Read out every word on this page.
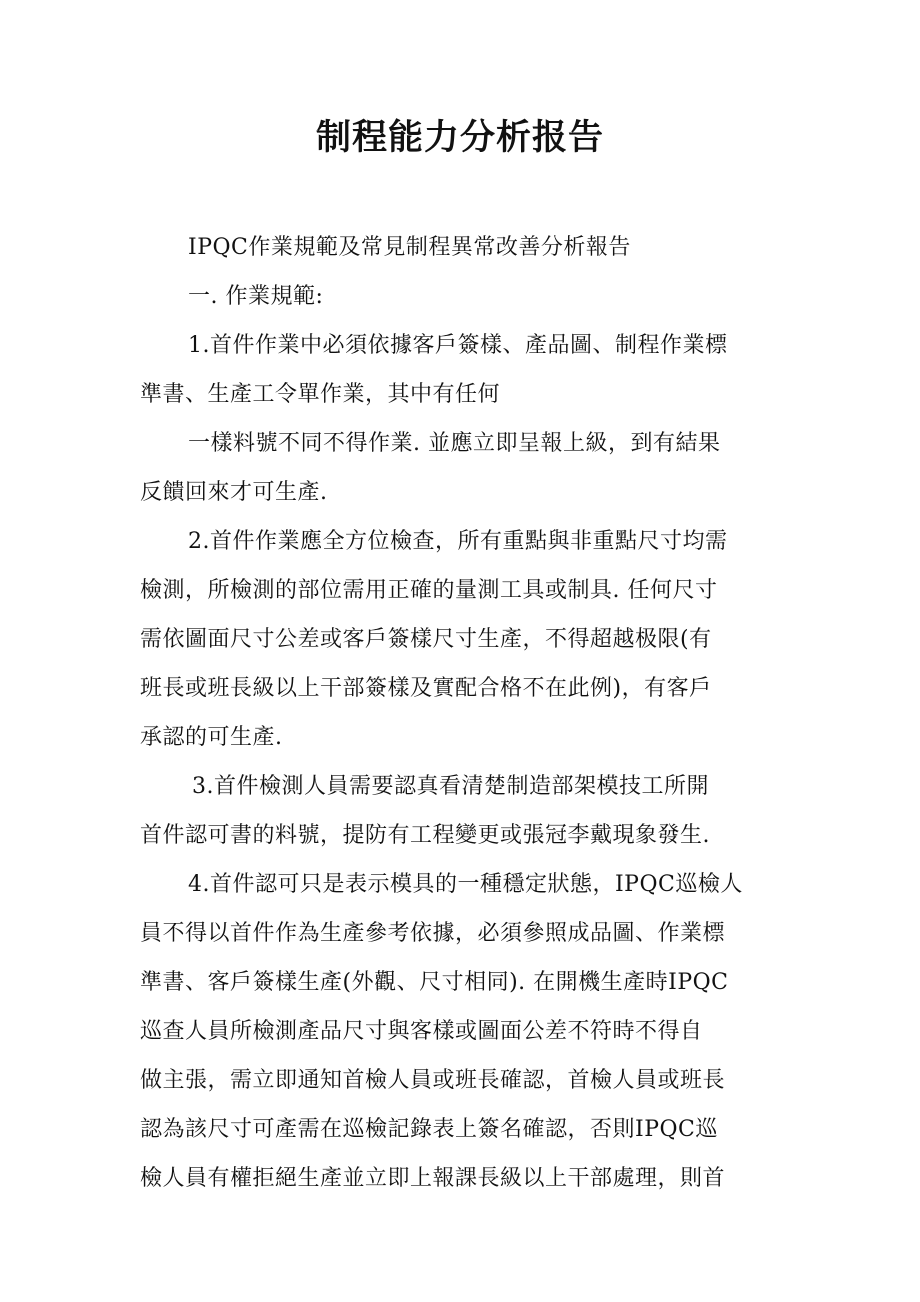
制程能力分析报告
IPQC作業規範及常見制程異常改善分析報告
一. 作業規範:
1.首件作業中必須依據客戶簽樣、產品圖、制程作業標
準書、生產工令單作業，其中有任何
一樣料號不同不得作業. 並應立即呈報上級，到有結果
反饋回來才可生產.
2.首件作業應全方位檢查，所有重點與非重點尺寸均需
檢測，所檢測的部位需用正確的量測工具或制具. 任何尺寸
需依圖面尺寸公差或客戶簽樣尺寸生產，不得超越极限(有
班長或班長級以上干部簽樣及實配合格不在此例)，有客戶
承認的可生產.
3.首件檢測人員需要認真看清楚制造部架模技工所開
首件認可書的料號，提防有工程變更或張冠李戴現象發生.
4.首件認可只是表示模具的一種穩定狀態，IPQC巡檢人
員不得以首件作為生產參考依據，必須參照成品圖、作業標
準書、客戶簽樣生產(外觀、尺寸相同). 在開機生產時IPQC
巡查人員所檢測產品尺寸與客樣或圖面公差不符時不得自
做主張，需立即通知首檢人員或班長確認，首檢人員或班長
認為該尺寸可產需在巡檢記錄表上簽名確認，否則IPQC巡
檢人員有權拒絕生產並立即上報課長級以上干部處理，則首
